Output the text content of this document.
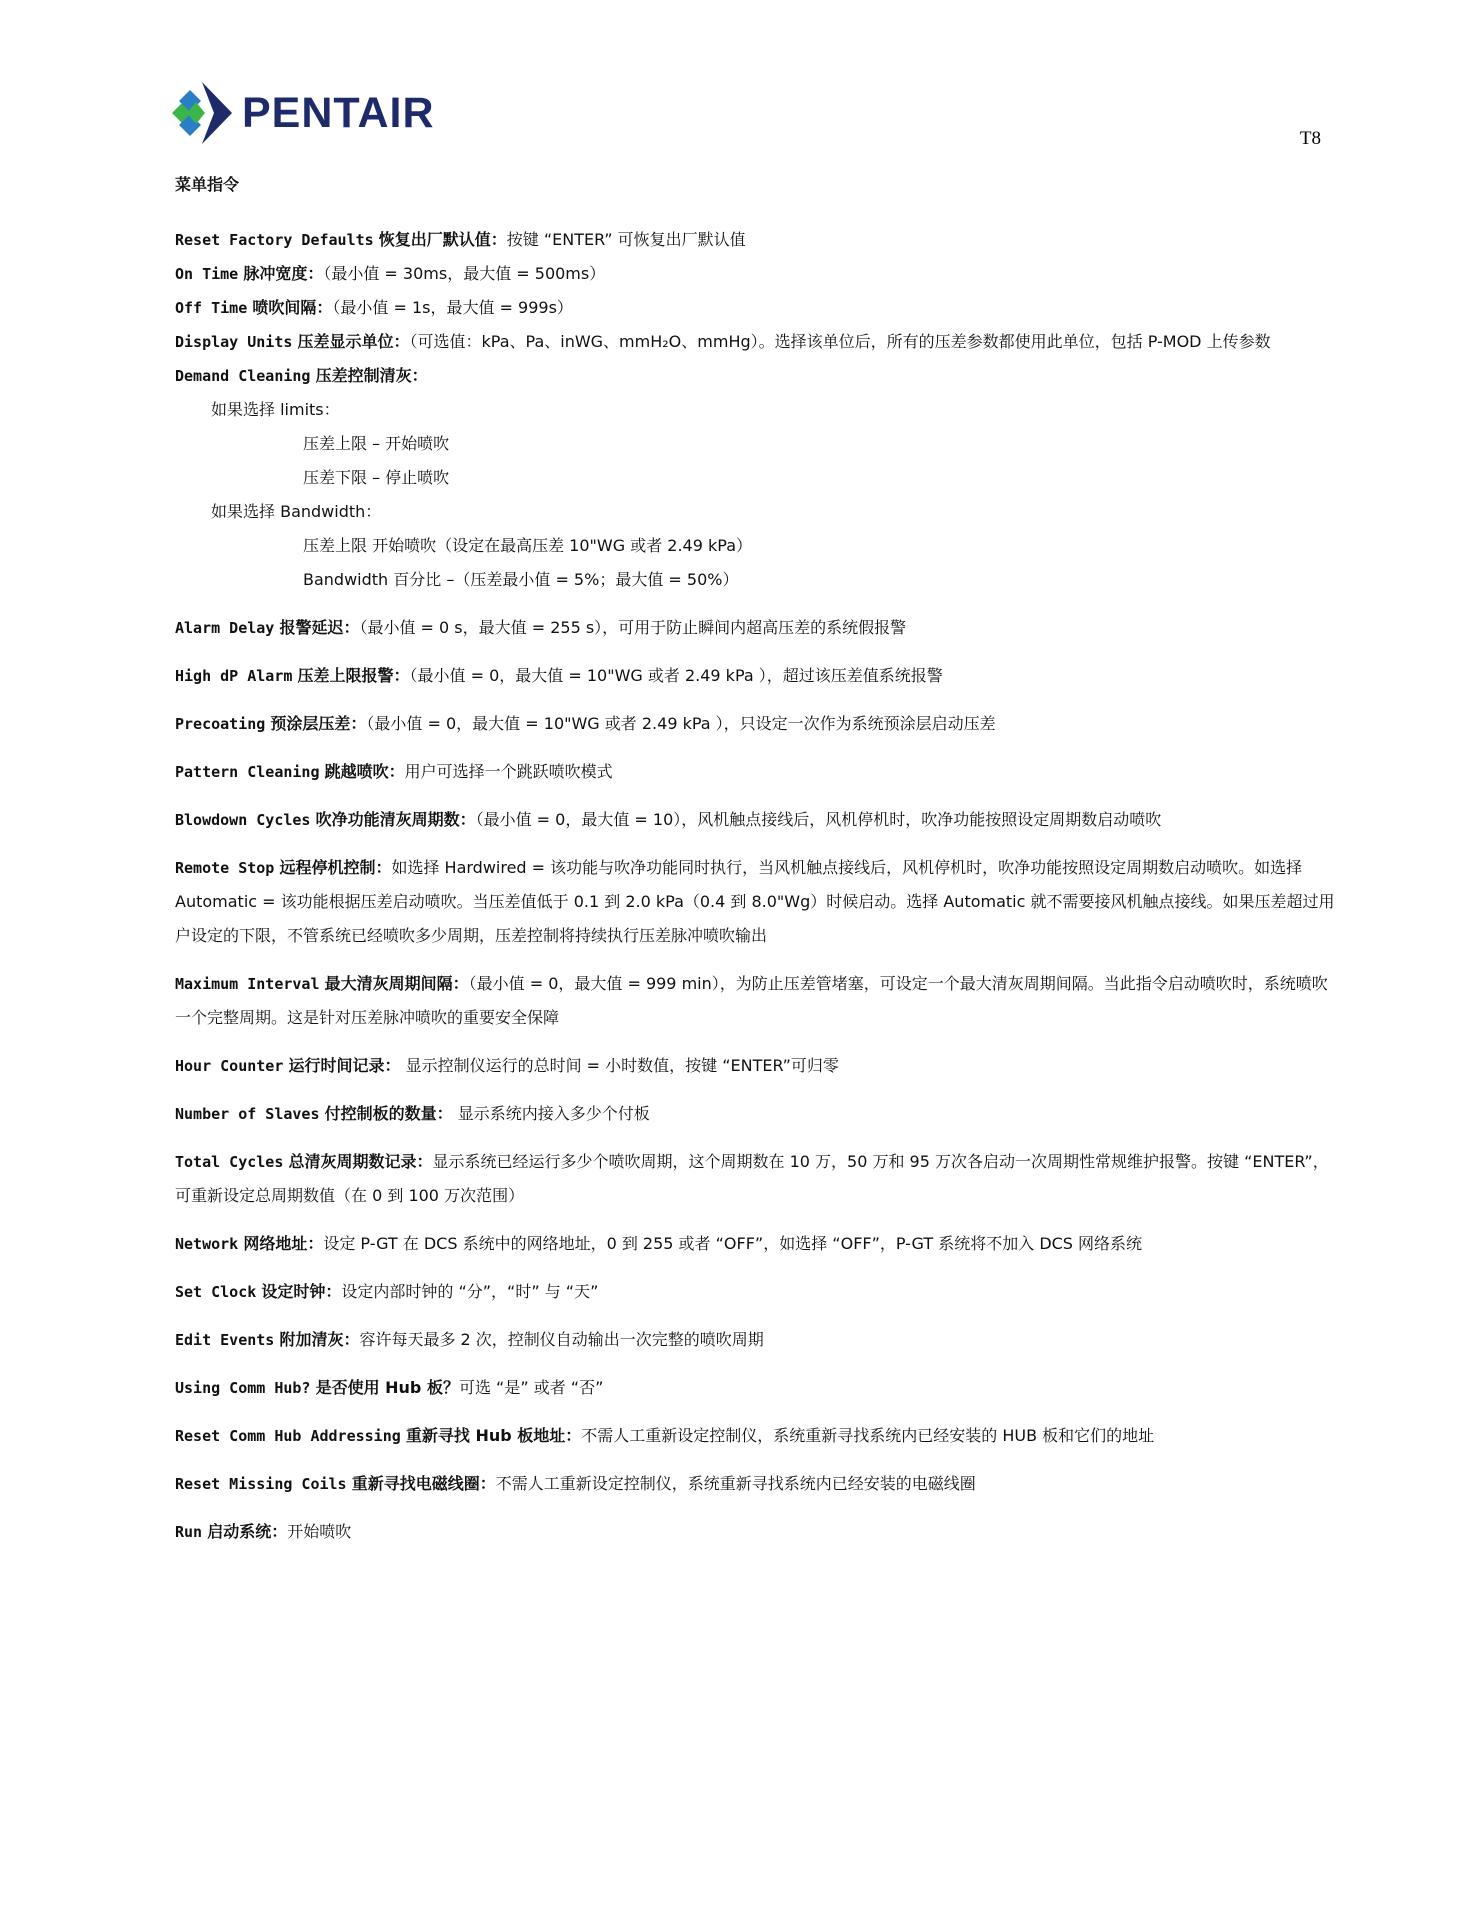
PENTAIR
T8
菜单指令
Reset Factory Defaults 恢复出厂默认值：按键 “ENTER” 可恢复出厂默认值
On Time 脉冲宽度：（最小值 = 30ms，最大值 = 500ms）
Off Time 喷吹间隔：（最小值 = 1s，最大值 = 999s）
Display Units 压差显示单位：（可选值：kPa、Pa、inWG、mmH₂O、mmHg）。选择该单位后，所有的压差参数都使用此单位，包括 P-MOD 上传参数
Demand Cleaning 压差控制清灰：
如果选择 limits：
压差上限 – 开始喷吹
压差下限 – 停止喷吹
如果选择 Bandwidth：
压差上限 开始喷吹（设定在最高压差 10"WG 或者 2.49 kPa）
Bandwidth 百分比 –（压差最小值 = 5%；最大值 = 50%）
Alarm Delay 报警延迟：（最小值 = 0 s，最大值 = 255 s），可用于防止瞬间内超高压差的系统假报警
High dP Alarm 压差上限报警：（最小值 = 0，最大值 = 10"WG 或者 2.49 kPa ），超过该压差值系统报警
Precoating 预涂层压差：（最小值 = 0，最大值 = 10"WG 或者 2.49 kPa ），只设定一次作为系统预涂层启动压差
Pattern Cleaning 跳越喷吹：用户可选择一个跳跃喷吹模式
Blowdown Cycles 吹净功能清灰周期数：（最小值 = 0，最大值 = 10），风机触点接线后，风机停机时，吹净功能按照设定周期数启动喷吹
Remote Stop 远程停机控制：如选择 Hardwired = 该功能与吹净功能同时执行，当风机触点接线后，风机停机时，吹净功能按照设定周期数启动喷吹。如选择 Automatic = 该功能根据压差启动喷吹。当压差值低于 0.1 到 2.0 kPa（0.4 到 8.0"Wg）时候启动。选择 Automatic 就不需要接风机触点接线。如果压差超过用户设定的下限，不管系统已经喷吹多少周期，压差控制将持续执行压差脉冲喷吹输出
Maximum Interval 最大清灰周期间隔：（最小值 = 0，最大值 = 999 min），为防止压差管堵塞，可设定一个最大清灰周期间隔。当此指令启动喷吹时，系统喷吹一个完整周期。这是针对压差脉冲喷吹的重要安全保障
Hour Counter 运行时间记录： 显示控制仪运行的总时间 = 小时数值，按键 “ENTER”可归零
Number of Slaves 付控制板的数量： 显示系统内接入多少个付板
Total Cycles 总清灰周期数记录：显示系统已经运行多少个喷吹周期，这个周期数在 10 万，50 万和 95 万次各启动一次周期性常规维护报警。按键 “ENTER”，可重新设定总周期数值（在 0 到 100 万次范围）
Network 网络地址：设定 P-GT 在 DCS 系统中的网络地址，0 到 255 或者 “OFF”，如选择 “OFF”，P-GT 系统将不加入 DCS 网络系统
Set Clock 设定时钟：设定内部时钟的 “分”，“时” 与 “天”
Edit Events 附加清灰：容许每天最多 2 次，控制仪自动输出一次完整的喷吹周期
Using Comm Hub? 是否使用 Hub 板？可选 “是” 或者 “否”
Reset Comm Hub Addressing 重新寻找 Hub 板地址：不需人工重新设定控制仪，系统重新寻找系统内已经安装的 HUB 板和它们的地址
Reset Missing Coils 重新寻找电磁线圈：不需人工重新设定控制仪，系统重新寻找系统内已经安装的电磁线圈
Run 启动系统：开始喷吹
